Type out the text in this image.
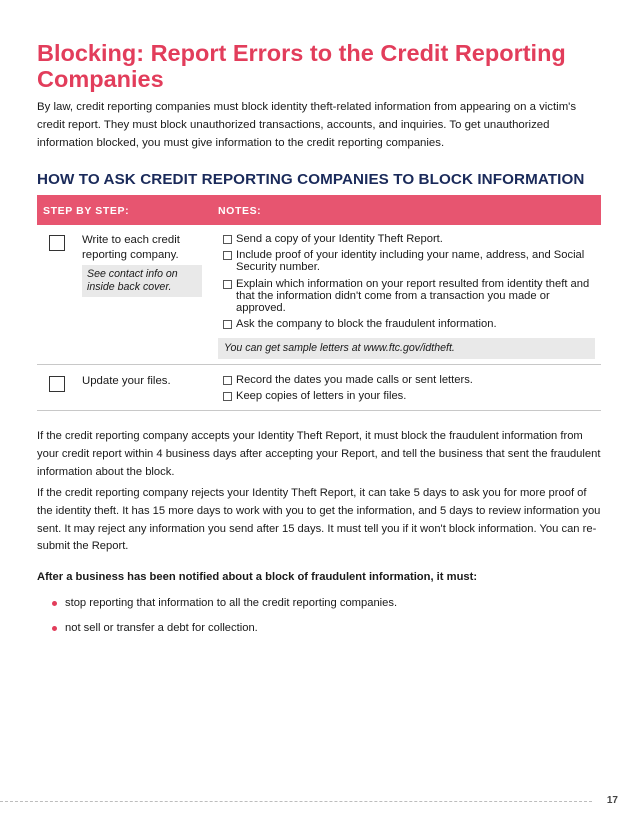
Blocking: Report Errors to the Credit Reporting Companies

By law, credit reporting companies must block identity theft-related information from appearing on a victim's credit report. They must block unauthorized transactions, accounts, and inquiries. To get unauthorized information blocked, you must give information to the credit reporting companies.

HOW TO ASK CREDIT REPORTING COMPANIES TO BLOCK INFORMATION
STEP BY STEP:	NOTES:
Write to each credit reporting company.
See contact info on inside back cover.
Send a copy of your Identity Theft Report.
Include proof of your identity including your name, address, and Social Security number.
Explain which information on your report resulted from identity theft and that the information didn't come from a transaction you made or approved.
Ask the company to block the fraudulent information.
You can get sample letters at www.ftc.gov/idtheft.
Update your files.	Record the dates you made calls or sent letters.
Keep copies of letters in your files.

If the credit reporting company accepts your Identity Theft Report, it must block the fraudulent information from your credit report within 4 business days after accepting your Report, and tell the business that sent the fraudulent information about the block.

If the credit reporting company rejects your Identity Theft Report, it can take 5 days to ask you for more proof of the identity theft. It has 15 more days to work with you to get the information, and 5 days to review information you sent. It may reject any information you send after 15 days. It must tell you if it won't block information. You can re-submit the Report.

After a business has been notified about a block of fraudulent information, it must:

stop reporting that information to all the credit reporting companies.
not sell or transfer a debt for collection.
17
